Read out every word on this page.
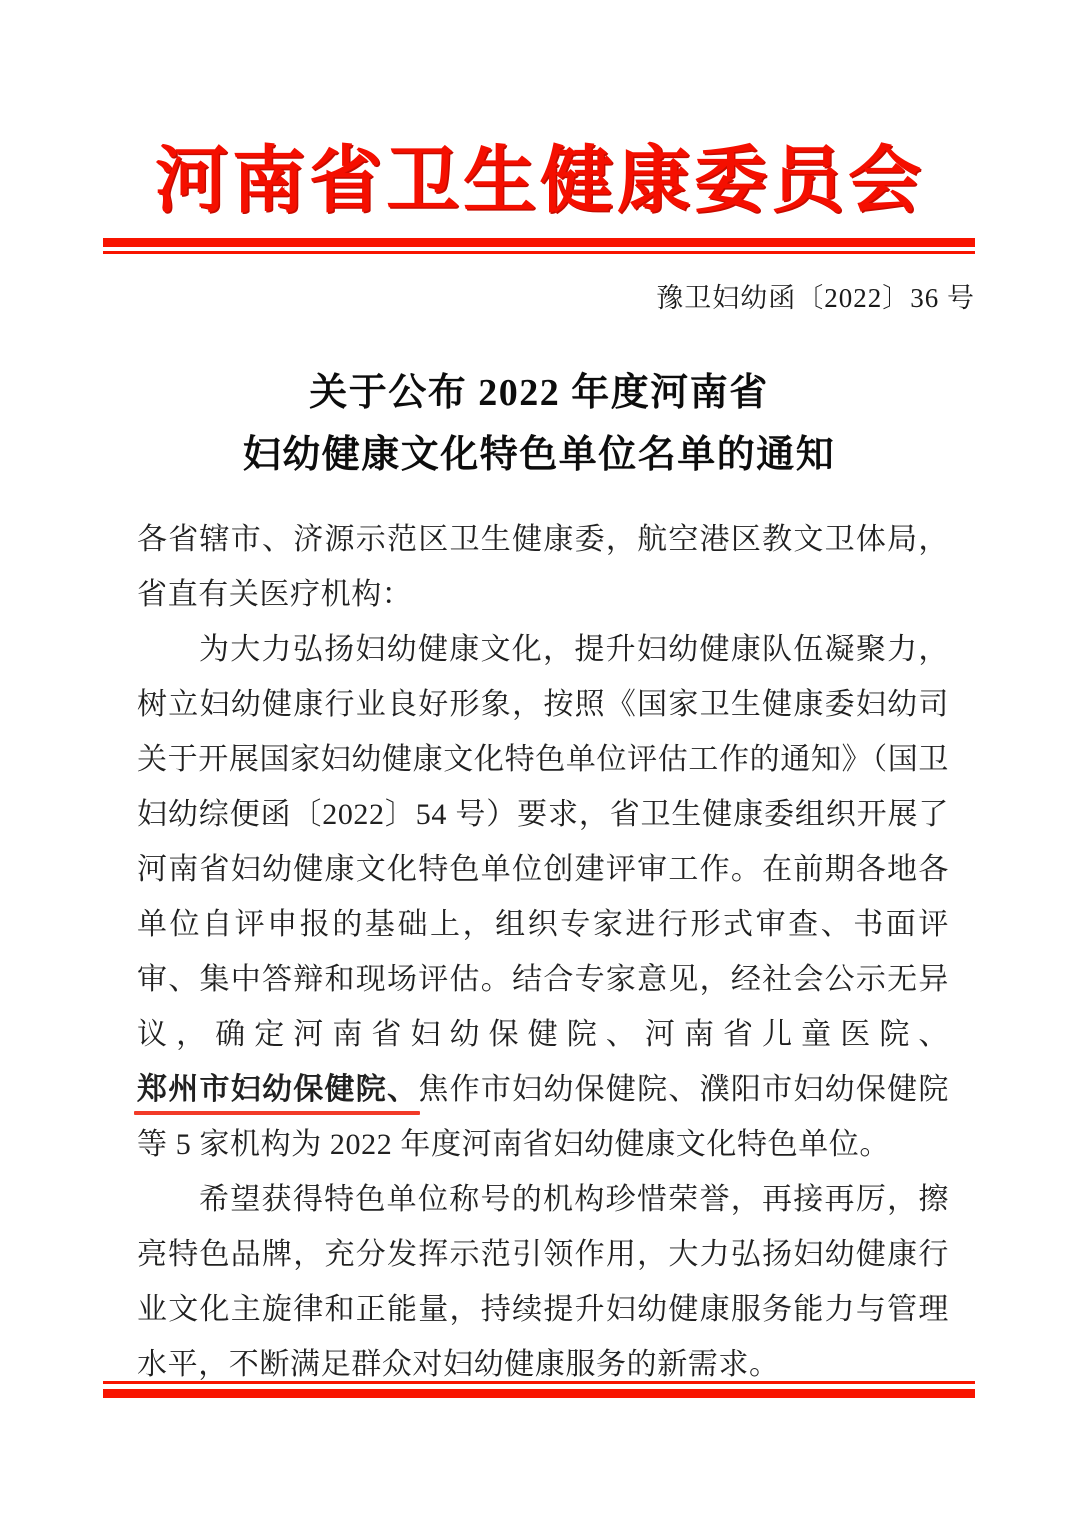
河南省卫生健康委员会
豫卫妇幼函〔2022〕36 号
关于公布 2022 年度河南省
妇幼健康文化特色单位名单的通知

各省辖市、济源示范区卫生健康委，航空港区教文卫体局，省直有关医疗机构：

为大力弘扬妇幼健康文化，提升妇幼健康队伍凝聚力，树立妇幼健康行业良好形象，按照《国家卫生健康委妇幼司关于开展国家妇幼健康文化特色单位评估工作的通知》（国卫妇幼综便函〔2022〕54 号）要求，省卫生健康委组织开展了河南省妇幼健康文化特色单位创建评审工作。在前期各地各单位自评申报的基础上，组织专家进行形式审查、书面评审、集中答辩和现场评估。结合专家意见，经社会公示无异议，确定河南省妇幼保健院、河南省儿童医院、郑州市妇幼保健院、焦作市妇幼保健院、濮阳市妇幼保健院等 5 家机构为 2022 年度河南省妇幼健康文化特色单位。

希望获得特色单位称号的机构珍惜荣誉，再接再厉，擦亮特色品牌，充分发挥示范引领作用，大力弘扬妇幼健康行业文化主旋律和正能量，持续提升妇幼健康服务能力与管理水平，不断满足群众对妇幼健康服务的新需求。
